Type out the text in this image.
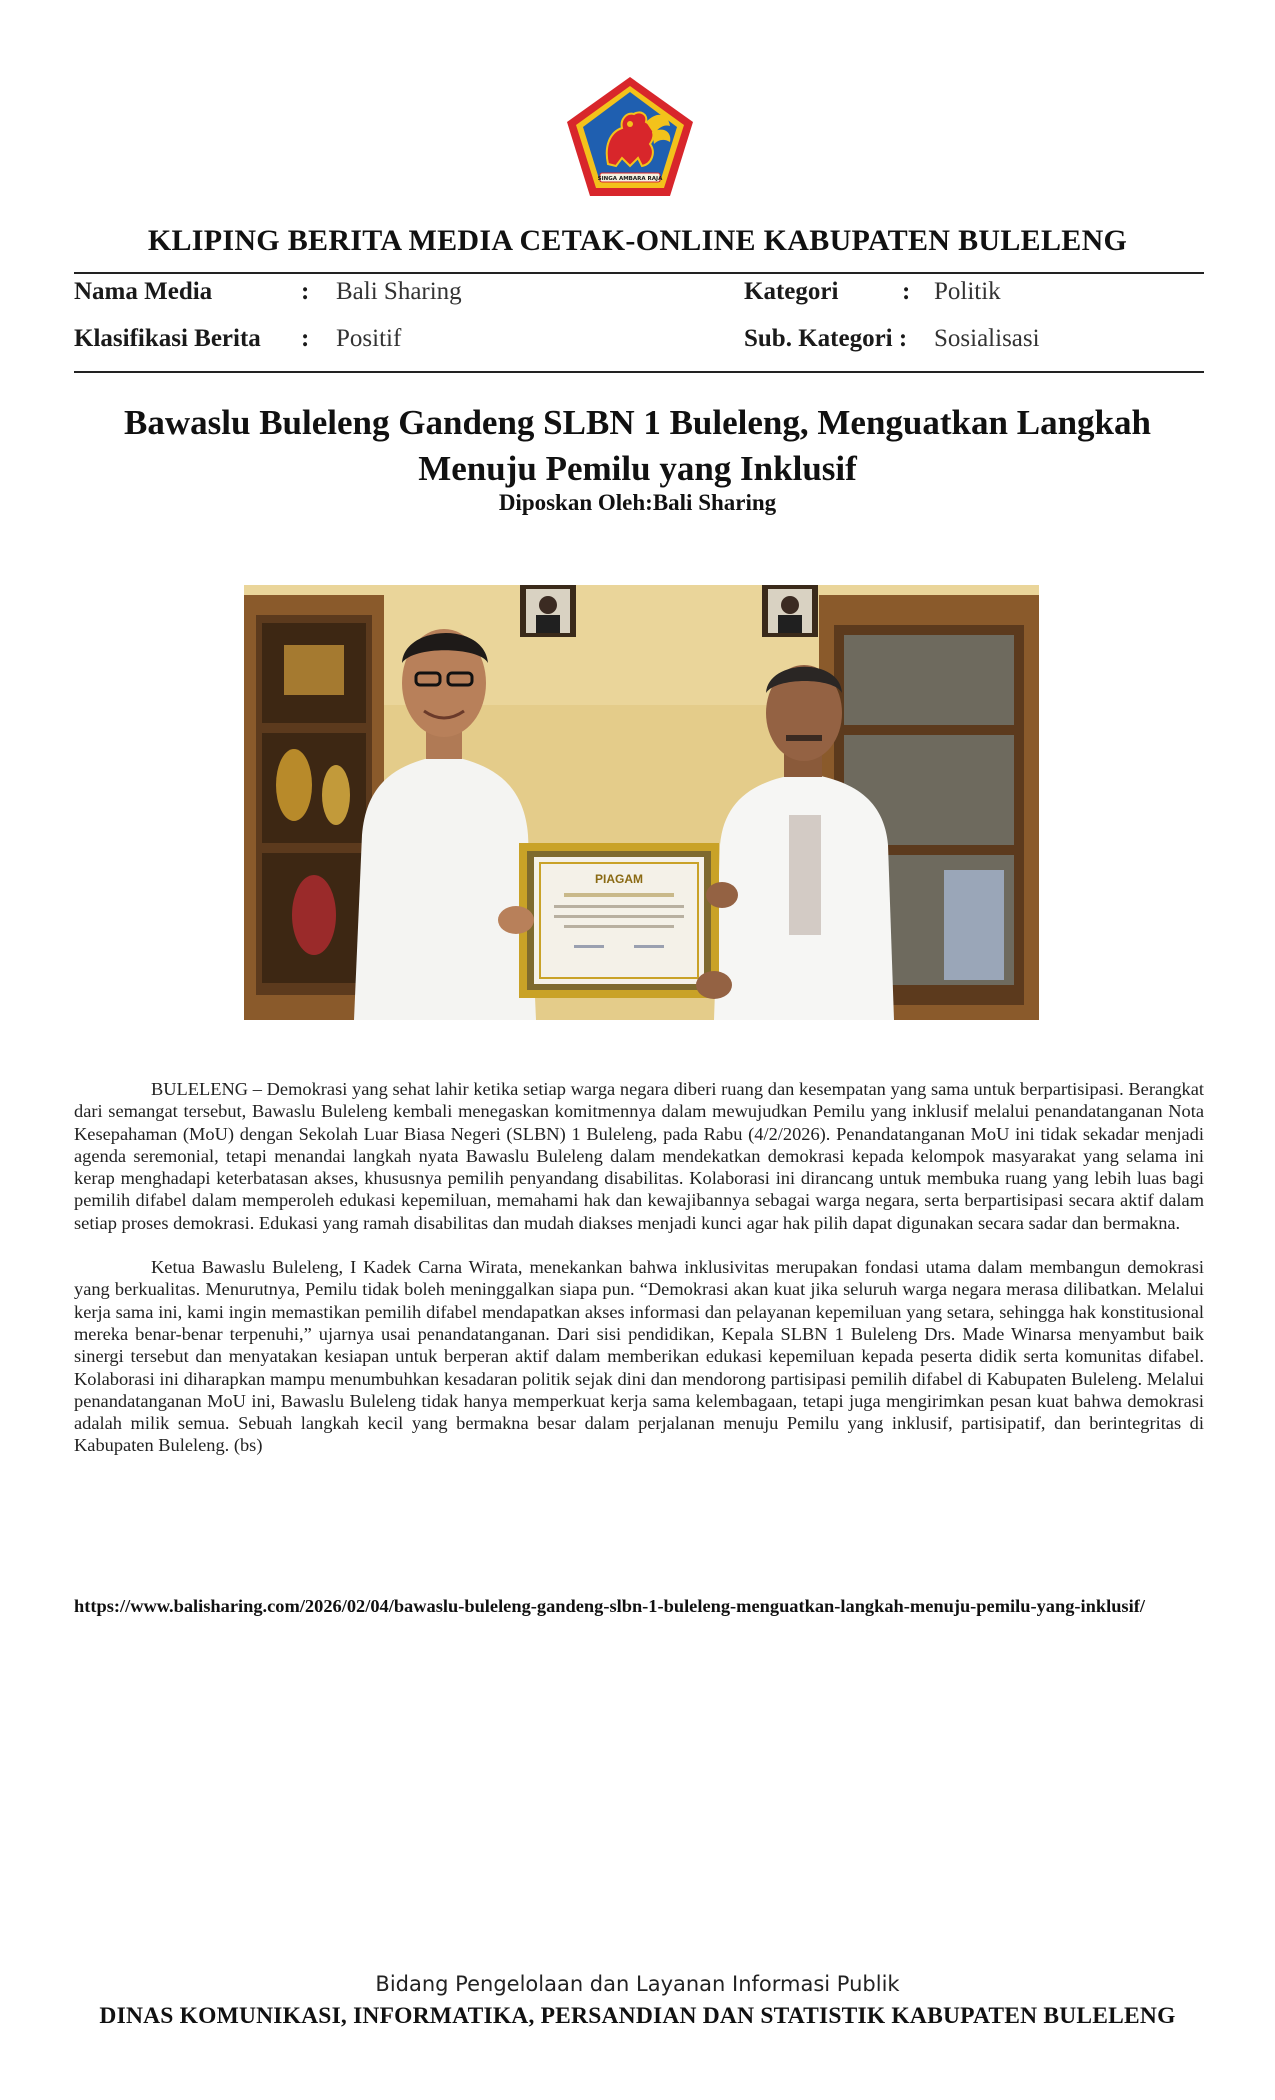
SINGA AMBARA RAJA
KLIPING BERITA MEDIA CETAK-ONLINE KABUPATEN BULELENG
Nama Media	: Bali Sharing	Kategori	: Politik
Klasifikasi Berita : Positif	Sub. Kategori : Sosialisasi
Bawaslu Buleleng Gandeng SLBN 1 Buleleng, Menguatkan Langkah Menuju Pemilu yang Inklusif
Diposkan Oleh:Bali Sharing
PIAGAM

BULELENG – Demokrasi yang sehat lahir ketika setiap warga negara diberi ruang dan kesempatan yang sama untuk berpartisipasi. Berangkat dari semangat tersebut, Bawaslu Buleleng kembali menegaskan komitmennya dalam mewujudkan Pemilu yang inklusif melalui penandatanganan Nota Kesepahaman (MoU) dengan Sekolah Luar Biasa Negeri (SLBN) 1 Buleleng, pada Rabu (4/2/2026). Penandatanganan MoU ini tidak sekadar menjadi agenda seremonial, tetapi menandai langkah nyata Bawaslu Buleleng dalam mendekatkan demokrasi kepada kelompok masyarakat yang selama ini kerap menghadapi keterbatasan akses, khususnya pemilih penyandang disabilitas. Kolaborasi ini dirancang untuk membuka ruang yang lebih luas bagi pemilih difabel dalam memperoleh edukasi kepemiluan, memahami hak dan kewajibannya sebagai warga negara, serta berpartisipasi secara aktif dalam setiap proses demokrasi. Edukasi yang ramah disabilitas dan mudah diakses menjadi kunci agar hak pilih dapat digunakan secara sadar dan bermakna.

Ketua Bawaslu Buleleng, I Kadek Carna Wirata, menekankan bahwa inklusivitas merupakan fondasi utama dalam membangun demokrasi yang berkualitas. Menurutnya, Pemilu tidak boleh meninggalkan siapa pun. “Demokrasi akan kuat jika seluruh warga negara merasa dilibatkan. Melalui kerja sama ini, kami ingin memastikan pemilih difabel mendapatkan akses informasi dan pelayanan kepemiluan yang setara, sehingga hak konstitusional mereka benar-benar terpenuhi,” ujarnya usai penandatanganan. Dari sisi pendidikan, Kepala SLBN 1 Buleleng Drs. Made Winarsa menyambut baik sinergi tersebut dan menyatakan kesiapan untuk berperan aktif dalam memberikan edukasi kepemiluan kepada peserta didik serta komunitas difabel. Kolaborasi ini diharapkan mampu menumbuhkan kesadaran politik sejak dini dan mendorong partisipasi pemilih difabel di Kabupaten Buleleng. Melalui penandatanganan MoU ini, Bawaslu Buleleng tidak hanya memperkuat kerja sama kelembagaan, tetapi juga mengirimkan pesan kuat bahwa demokrasi adalah milik semua. Sebuah langkah kecil yang bermakna besar dalam perjalanan menuju Pemilu yang inklusif, partisipatif, dan berintegritas di Kabupaten Buleleng. (bs)

https://www.balisharing.com/2026/02/04/bawaslu-buleleng-gandeng-slbn-1-buleleng-menguatkan-langkah-menuju-pemilu-yang-inklusif/
Bidang Pengelolaan dan Layanan Informasi Publik
DINAS KOMUNIKASI, INFORMATIKA, PERSANDIAN DAN STATISTIK KABUPATEN BULELENG
